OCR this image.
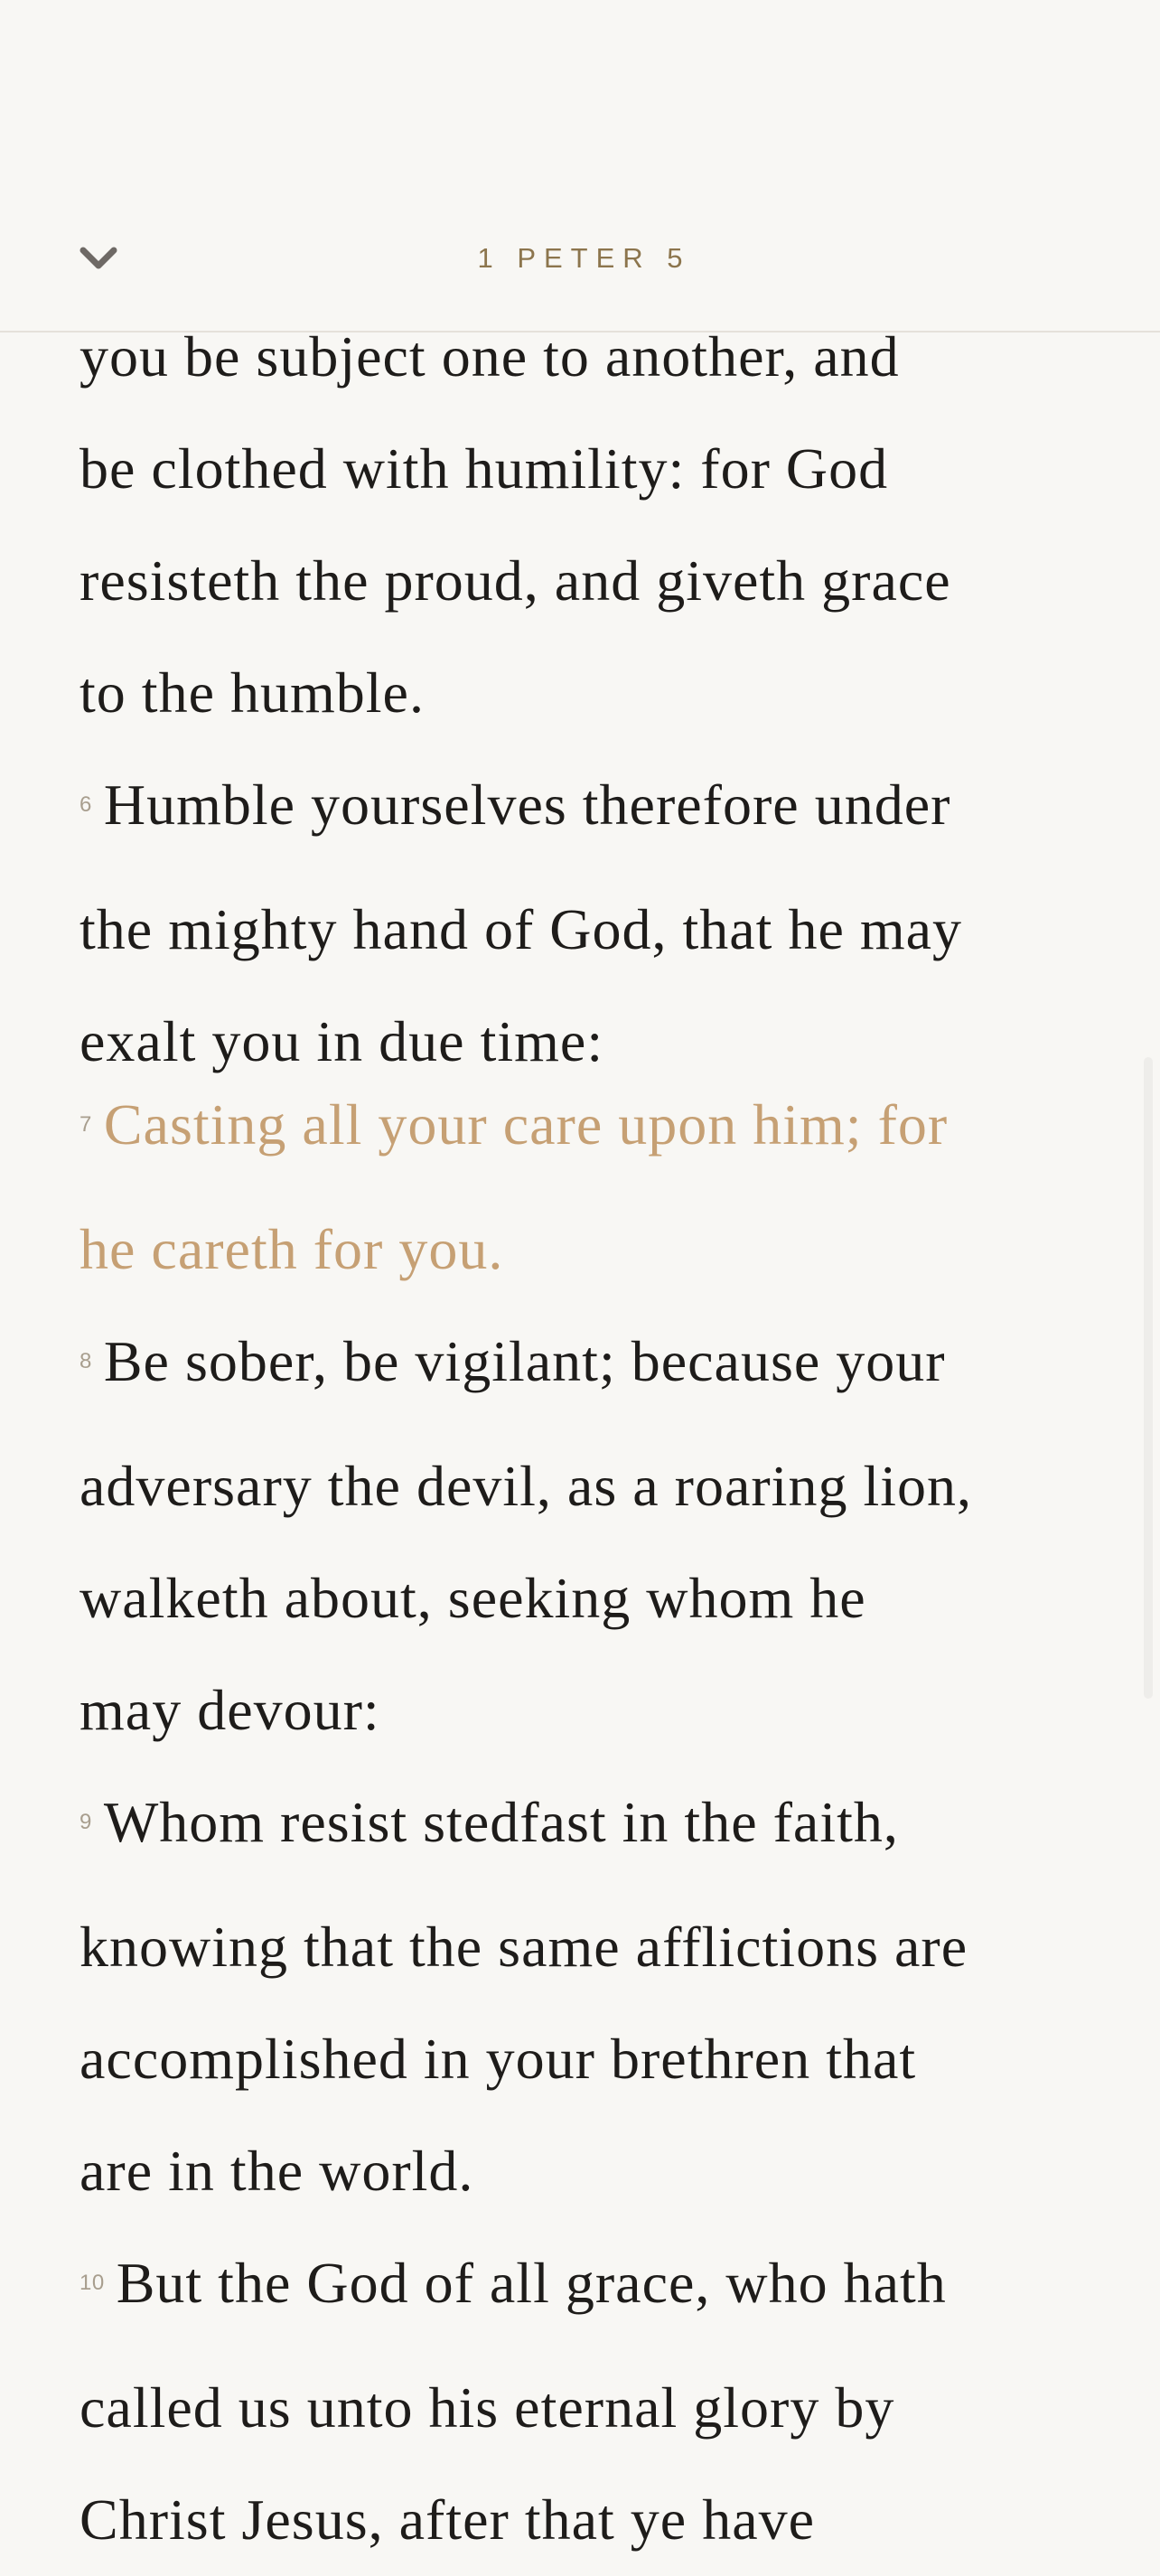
1 PETER 5
you be subject one to another, and
be clothed with humility: for God
resisteth the proud, and giveth grace
to the humble.
$^6$ Humble yourselves therefore under
the mighty hand of God, that he may
exalt you in due time:
$^7$ Casting all your care upon him; for
he careth for you.
$^8$ Be sober, be vigilant; because your
adversary the devil, as a roaring lion,
walketh about, seeking whom he
may devour:
$^9$ Whom resist stedfast in the faith,
knowing that the same afflictions are
accomplished in your brethren that
are in the world.
$^{10}$ But the God of all grace, who hath
called us unto his eternal glory by
Christ Jesus, after that ye have
